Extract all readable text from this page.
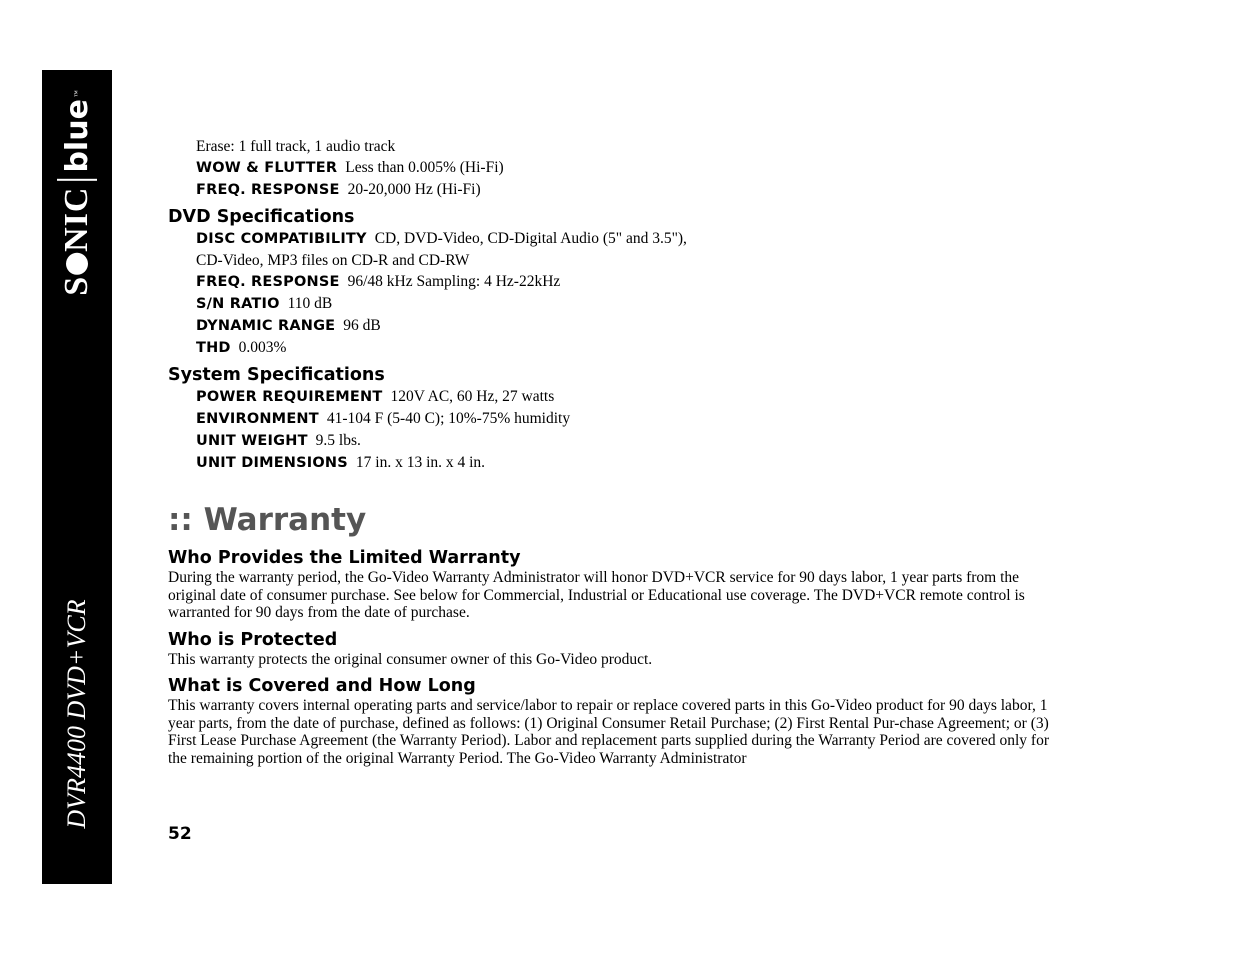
S
NIC
blue
™
DVR4400 DVD+VCR
Erase: 1 full track, 1 audio track
WOW & FLUTTER Less than 0.005% (Hi-Fi)
FREQ. RESPONSE 20-20,000 Hz (Hi-Fi)
DVD Specifications
DISC COMPATIBILITY CD, DVD-Video, CD-Digital Audio (5" and 3.5"),
CD-Video, MP3 files on CD-R and CD-RW
FREQ. RESPONSE 96/48 kHz Sampling: 4 Hz-22kHz
S/N RATIO 110 dB
DYNAMIC RANGE 96 dB
THD 0.003%
System Specifications
POWER REQUIREMENT 120V AC, 60 Hz, 27 watts
ENVIRONMENT 41-104 F (5-40 C); 10%-75% humidity
UNIT WEIGHT 9.5 lbs.
UNIT DIMENSIONS 17 in. x 13 in. x 4 in.
:: Warranty
Who Provides the Limited Warranty
During the warranty period, the Go-Video Warranty Administrator will honor DVD+VCR service for 90 days labor, 1 year parts from the original date of consumer purchase. See below for Commercial, Industrial or Educational use coverage. The DVD+VCR remote control is warranted for 90 days from the date of purchase.
Who is Protected
This warranty protects the original consumer owner of this Go-Video product.
What is Covered and How Long
This warranty covers internal operating parts and service/labor to repair or replace covered parts in this Go-Video product for 90 days labor, 1 year parts, from the date of purchase, defined as follows: (1) Original Consumer Retail Purchase; (2) First Rental Pur-chase Agreement; or (3) First Lease Purchase Agreement (the Warranty Period). Labor and replacement parts supplied during the Warranty Period are covered only for the remaining portion of the original Warranty Period. The Go-Video Warranty Administrator
52
